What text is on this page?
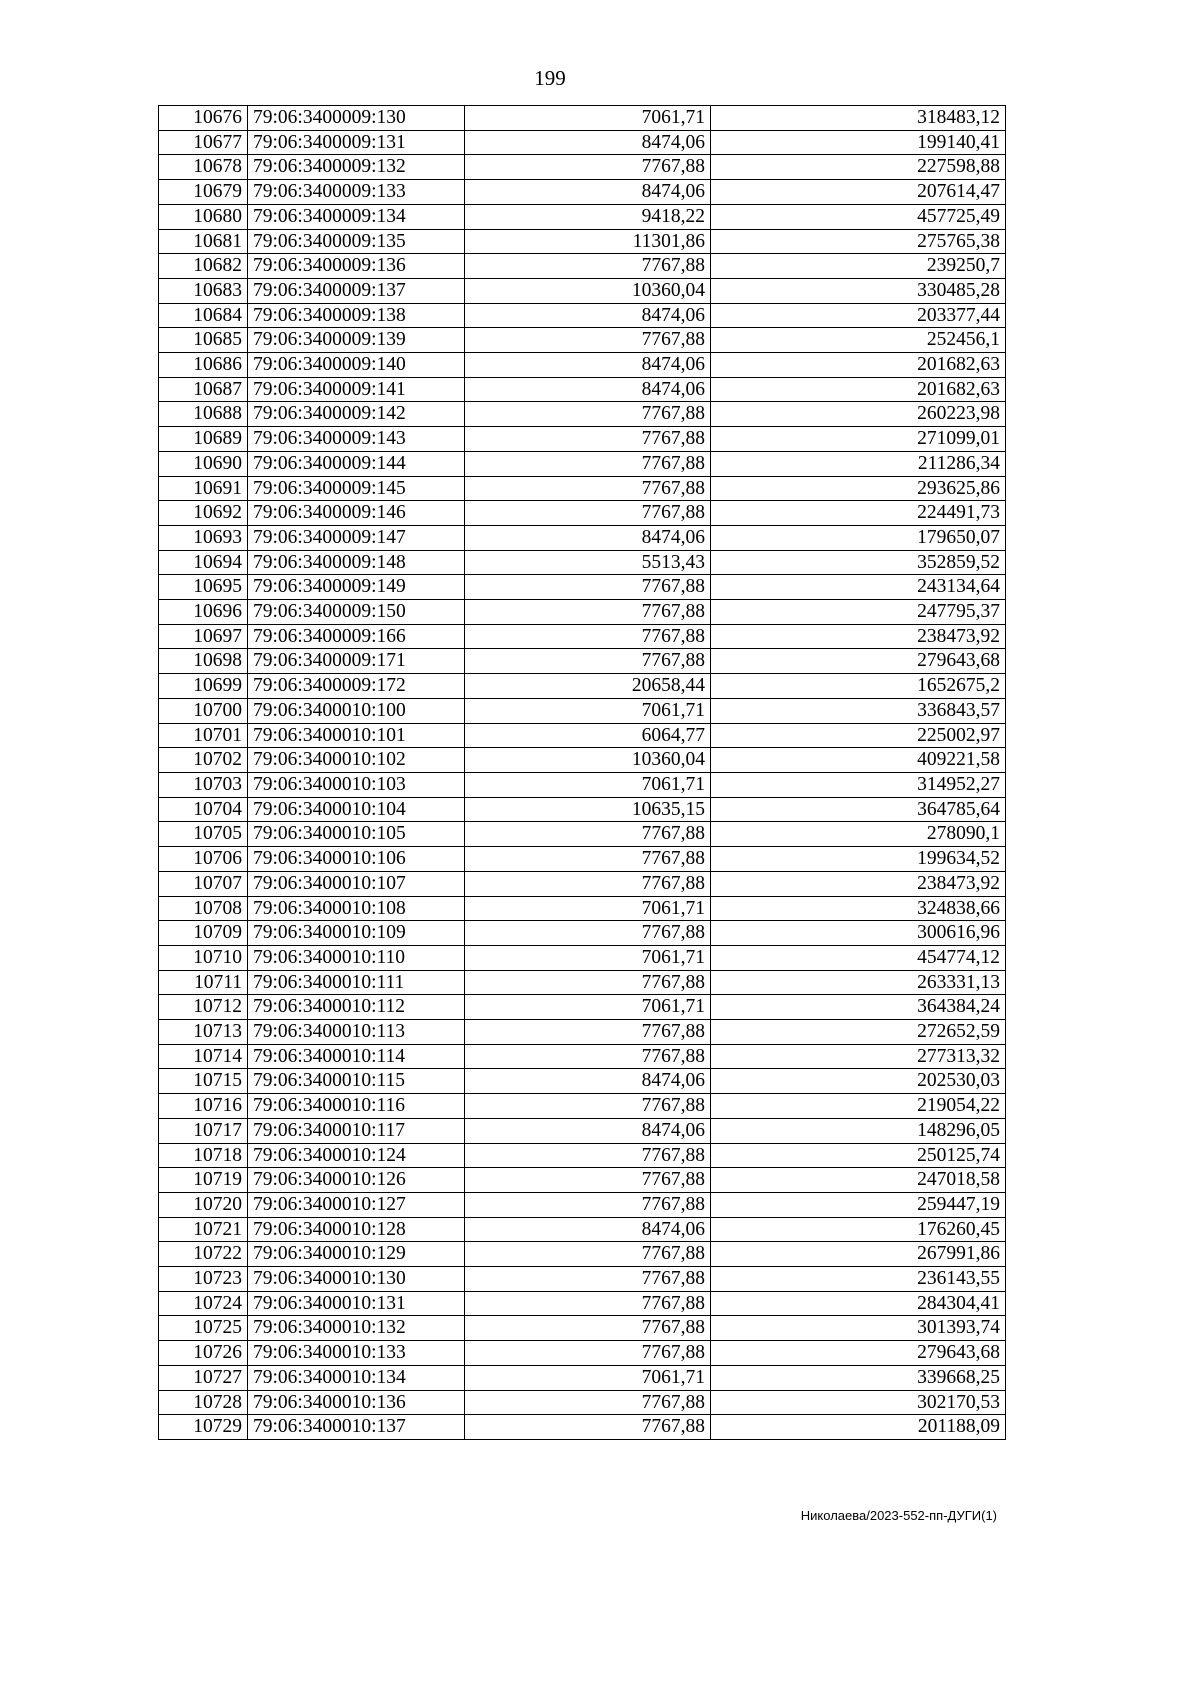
199
10676	79:06:3400009:130	7061,71	318483,12
10677	79:06:3400009:131	8474,06	199140,41
10678	79:06:3400009:132	7767,88	227598,88
10679	79:06:3400009:133	8474,06	207614,47
10680	79:06:3400009:134	9418,22	457725,49
10681	79:06:3400009:135	11301,86	275765,38
10682	79:06:3400009:136	7767,88	239250,7
10683	79:06:3400009:137	10360,04	330485,28
10684	79:06:3400009:138	8474,06	203377,44
10685	79:06:3400009:139	7767,88	252456,1
10686	79:06:3400009:140	8474,06	201682,63
10687	79:06:3400009:141	8474,06	201682,63
10688	79:06:3400009:142	7767,88	260223,98
10689	79:06:3400009:143	7767,88	271099,01
10690	79:06:3400009:144	7767,88	211286,34
10691	79:06:3400009:145	7767,88	293625,86
10692	79:06:3400009:146	7767,88	224491,73
10693	79:06:3400009:147	8474,06	179650,07
10694	79:06:3400009:148	5513,43	352859,52
10695	79:06:3400009:149	7767,88	243134,64
10696	79:06:3400009:150	7767,88	247795,37
10697	79:06:3400009:166	7767,88	238473,92
10698	79:06:3400009:171	7767,88	279643,68
10699	79:06:3400009:172	20658,44	1652675,2
10700	79:06:3400010:100	7061,71	336843,57
10701	79:06:3400010:101	6064,77	225002,97
10702	79:06:3400010:102	10360,04	409221,58
10703	79:06:3400010:103	7061,71	314952,27
10704	79:06:3400010:104	10635,15	364785,64
10705	79:06:3400010:105	7767,88	278090,1
10706	79:06:3400010:106	7767,88	199634,52
10707	79:06:3400010:107	7767,88	238473,92
10708	79:06:3400010:108	7061,71	324838,66
10709	79:06:3400010:109	7767,88	300616,96
10710	79:06:3400010:110	7061,71	454774,12
10711	79:06:3400010:111	7767,88	263331,13
10712	79:06:3400010:112	7061,71	364384,24
10713	79:06:3400010:113	7767,88	272652,59
10714	79:06:3400010:114	7767,88	277313,32
10715	79:06:3400010:115	8474,06	202530,03
10716	79:06:3400010:116	7767,88	219054,22
10717	79:06:3400010:117	8474,06	148296,05
10718	79:06:3400010:124	7767,88	250125,74
10719	79:06:3400010:126	7767,88	247018,58
10720	79:06:3400010:127	7767,88	259447,19
10721	79:06:3400010:128	8474,06	176260,45
10722	79:06:3400010:129	7767,88	267991,86
10723	79:06:3400010:130	7767,88	236143,55
10724	79:06:3400010:131	7767,88	284304,41
10725	79:06:3400010:132	7767,88	301393,74
10726	79:06:3400010:133	7767,88	279643,68
10727	79:06:3400010:134	7061,71	339668,25
10728	79:06:3400010:136	7767,88	302170,53
10729	79:06:3400010:137	7767,88	201188,09
Николаева/2023-552-пп-ДУГИ(1)
